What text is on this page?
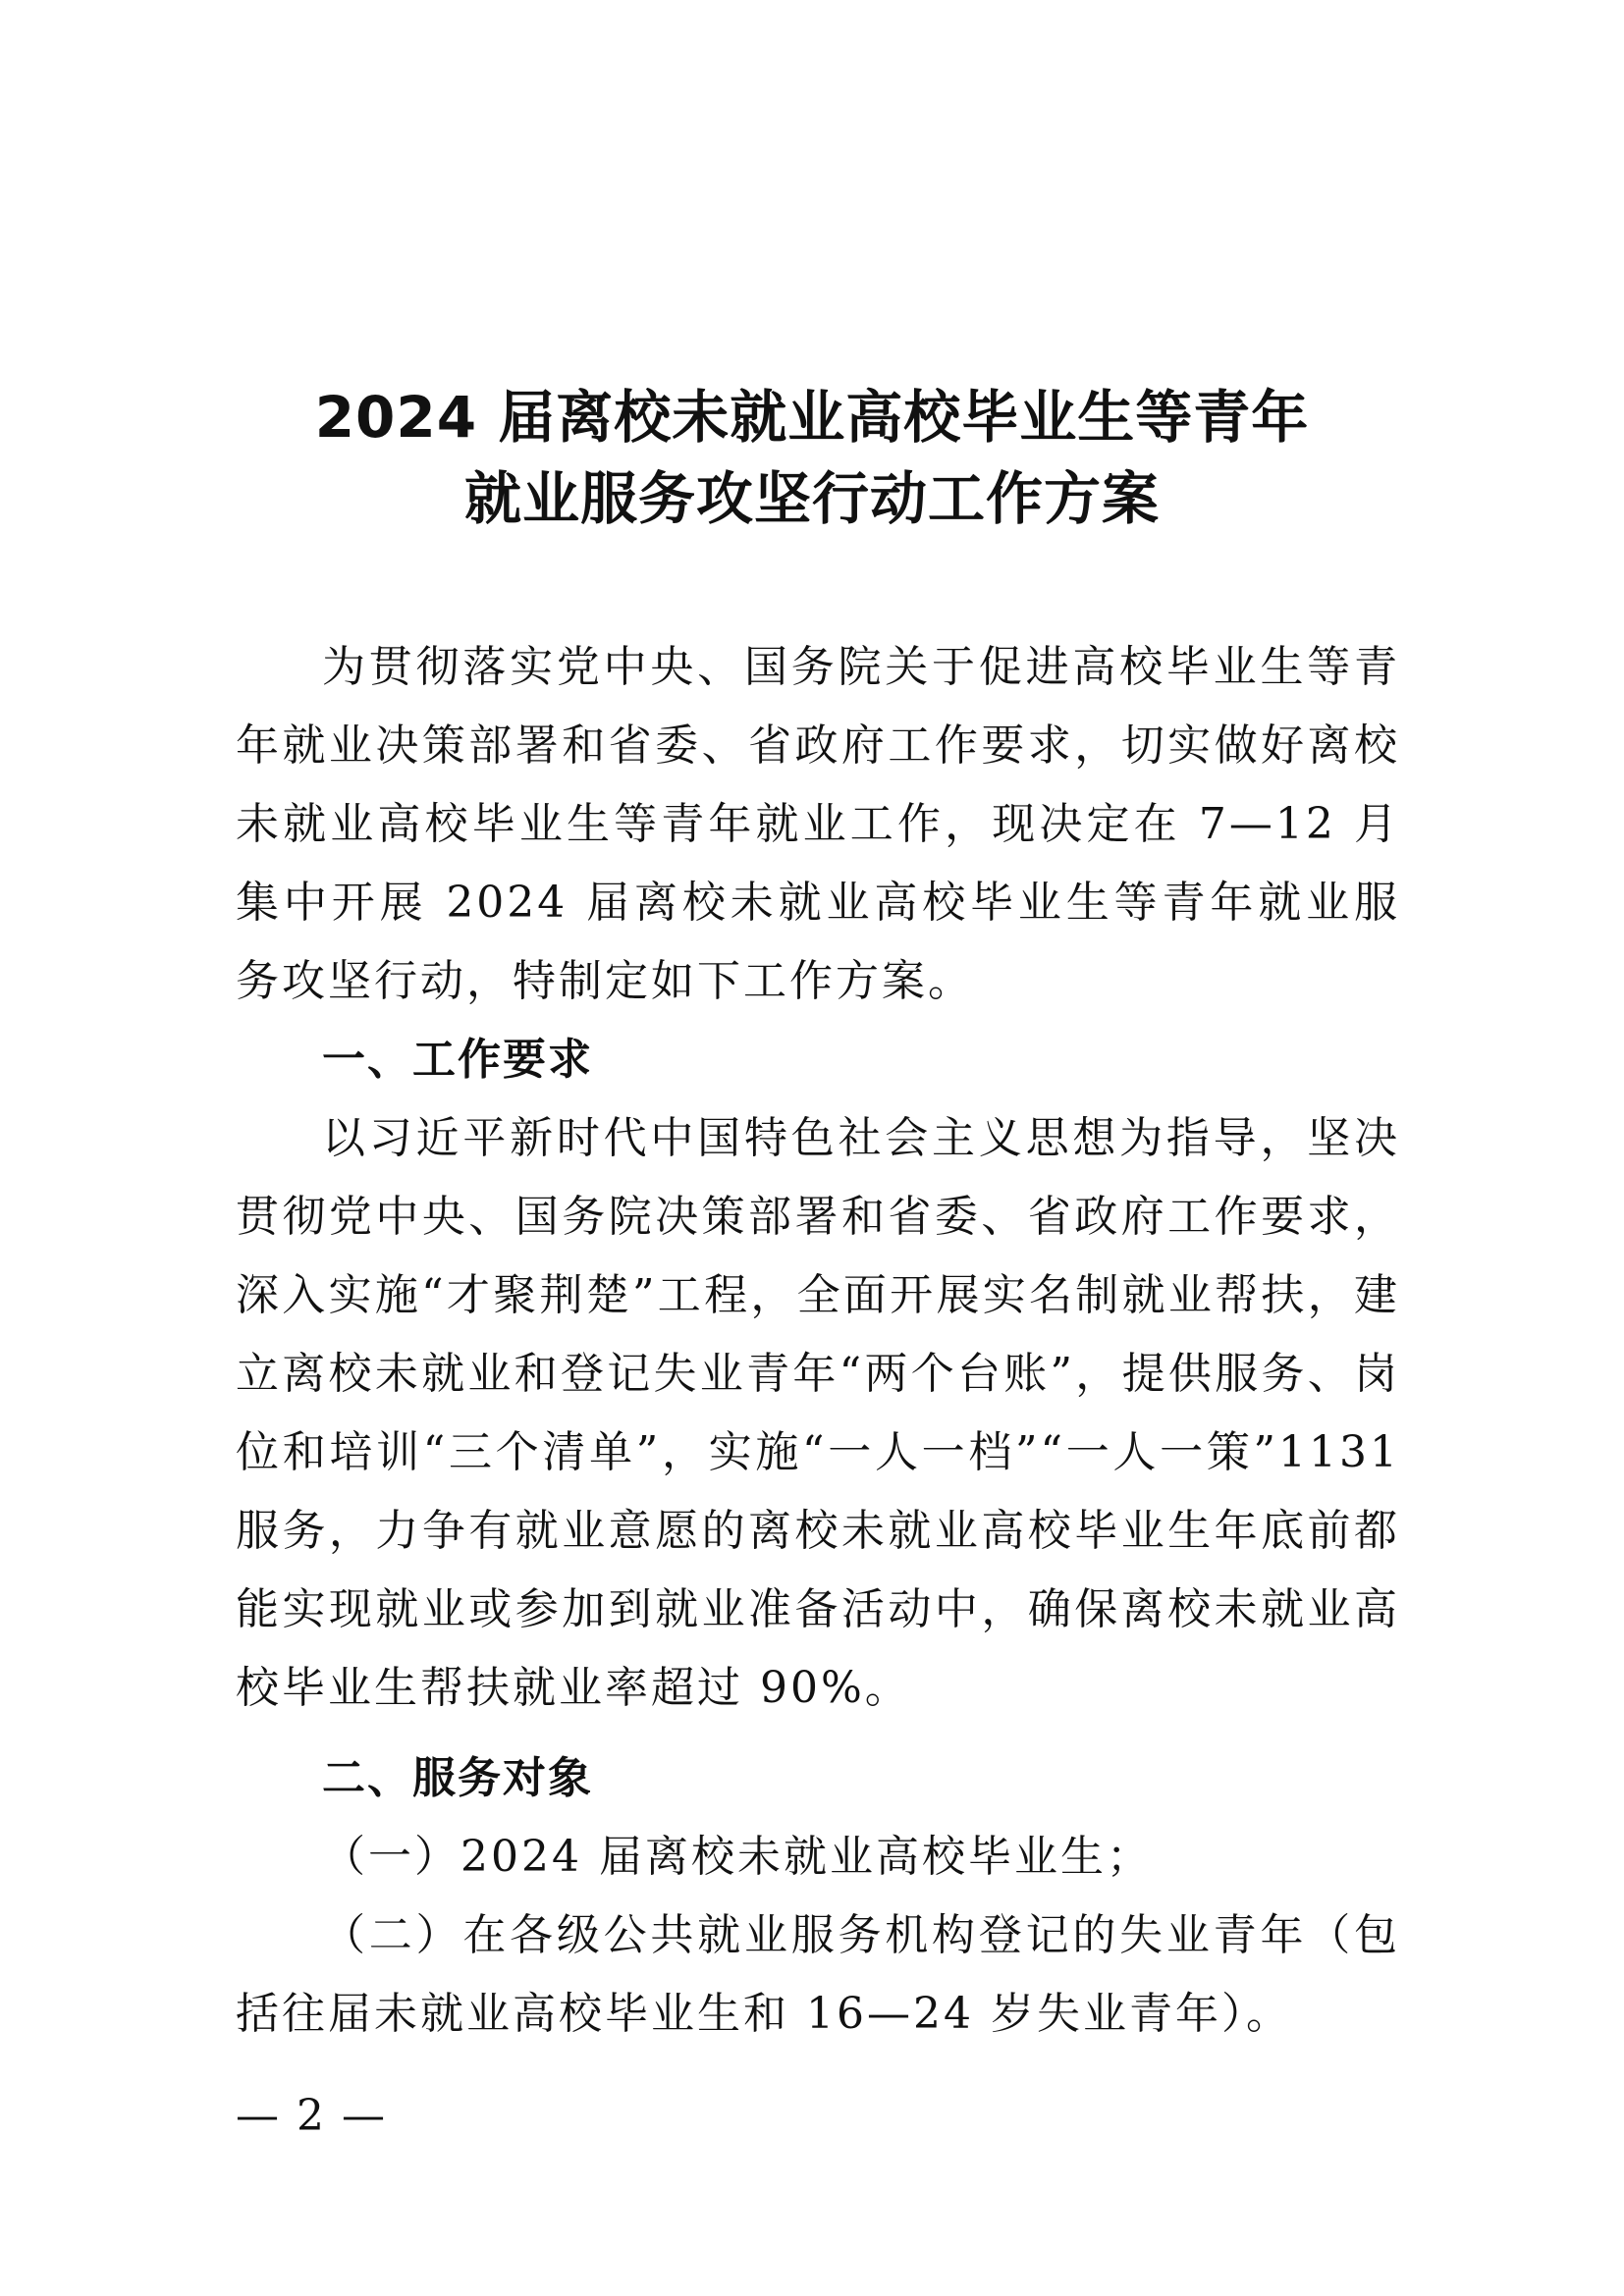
2024 届离校未就业高校毕业生等青年
就业服务攻坚行动工作方案

为贯彻落实党中央、国务院关于促进高校毕业生等青年就业决策部署和省委、省政府工作要求，切实做好离校未就业高校毕业生等青年就业工作，现决定在 7—12 月集中开展 2024 届离校未就业高校毕业生等青年就业服务攻坚行动，特制定如下工作方案。

一、工作要求

以习近平新时代中国特色社会主义思想为指导，坚决贯彻党中央、国务院决策部署和省委、省政府工作要求，深入实施“才聚荆楚”工程，全面开展实名制就业帮扶，建立离校未就业和登记失业青年“两个台账”，提供服务、岗位和培训“三个清单”，实施“一人一档”“一人一策”1131 服务，力争有就业意愿的离校未就业高校毕业生年底前都能实现就业或参加到就业准备活动中，确保离校未就业高校毕业生帮扶就业率超过 90%。

二、服务对象

（一）2024 届离校未就业高校毕业生；

（二）在各级公共就业服务机构登记的失业青年（包括往届未就业高校毕业生和 16—24 岁失业青年）。

— 2 —
